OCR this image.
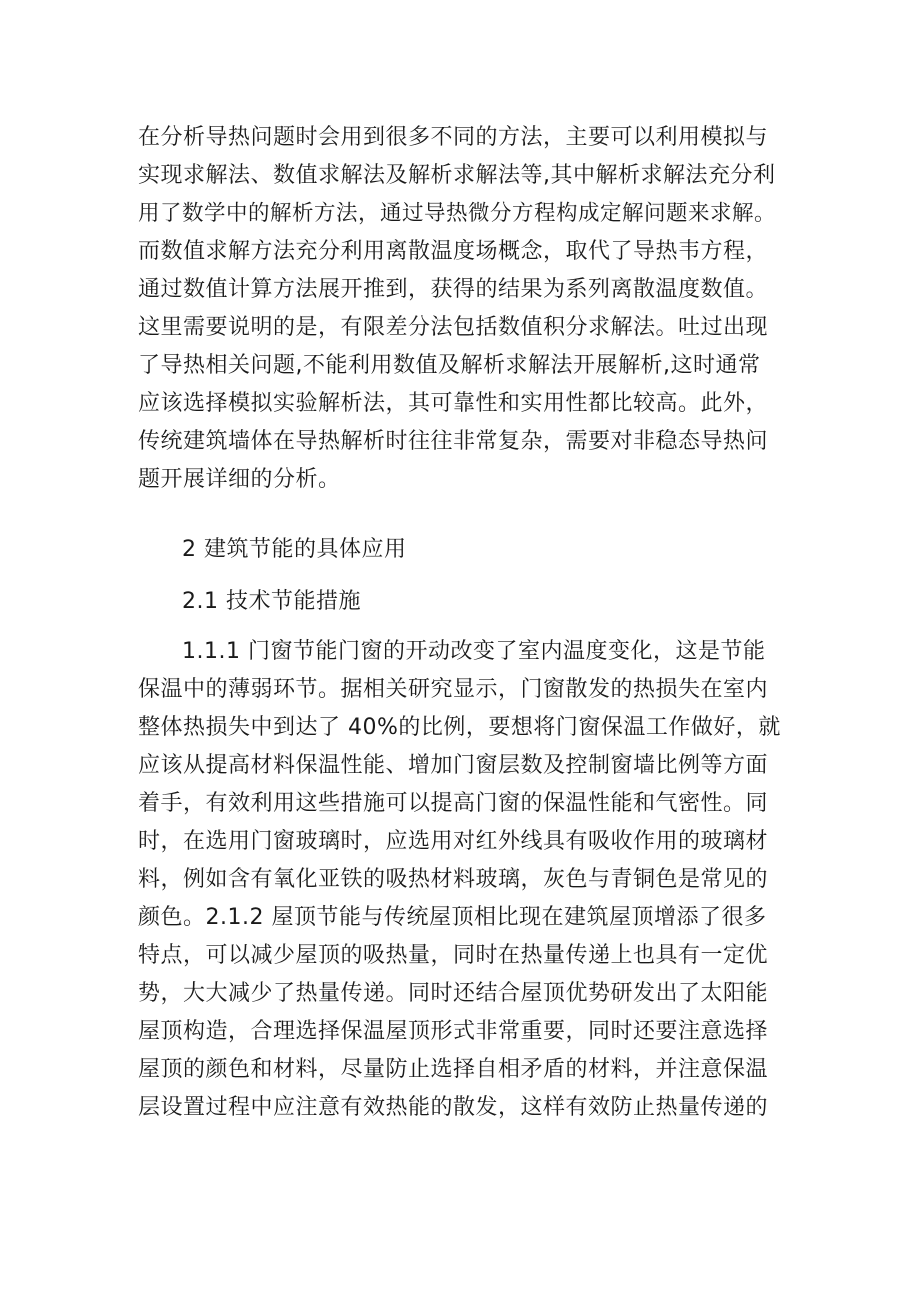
在分析导热问题时会用到很多不同的方法，主要可以利用模拟与
实现求解法、数值求解法及解析求解法等,其中解析求解法充分利
用了数学中的解析方法，通过导热微分方程构成定解问题来求解。
而数值求解方法充分利用离散温度场概念，取代了导热韦方程，
通过数值计算方法展开推到，获得的结果为系列离散温度数值。
这里需要说明的是，有限差分法包括数值积分求解法。吐过出现
了导热相关问题,不能利用数值及解析求解法开展解析,这时通常
应该选择模拟实验解析法，其可靠性和实用性都比较高。此外，
传统建筑墙体在导热解析时往往非常复杂，需要对非稳态导热问
题开展详细的分析。
2 建筑节能的具体应用
2.1 技术节能措施
1.1.1 门窗节能门窗的开动改变了室内温度变化，这是节能
保温中的薄弱环节。据相关研究显示，门窗散发的热损失在室内
整体热损失中到达了 40%的比例，要想将门窗保温工作做好，就
应该从提高材料保温性能、增加门窗层数及控制窗墙比例等方面
着手，有效利用这些措施可以提高门窗的保温性能和气密性。同
时，在选用门窗玻璃时，应选用对红外线具有吸收作用的玻璃材
料，例如含有氧化亚铁的吸热材料玻璃，灰色与青铜色是常见的
颜色。2.1.2 屋顶节能与传统屋顶相比现在建筑屋顶增添了很多
特点，可以减少屋顶的吸热量，同时在热量传递上也具有一定优
势，大大减少了热量传递。同时还结合屋顶优势研发出了太阳能
屋顶构造，合理选择保温屋顶形式非常重要，同时还要注意选择
屋顶的颜色和材料，尽量防止选择自相矛盾的材料，并注意保温
层设置过程中应注意有效热能的散发，这样有效防止热量传递的
